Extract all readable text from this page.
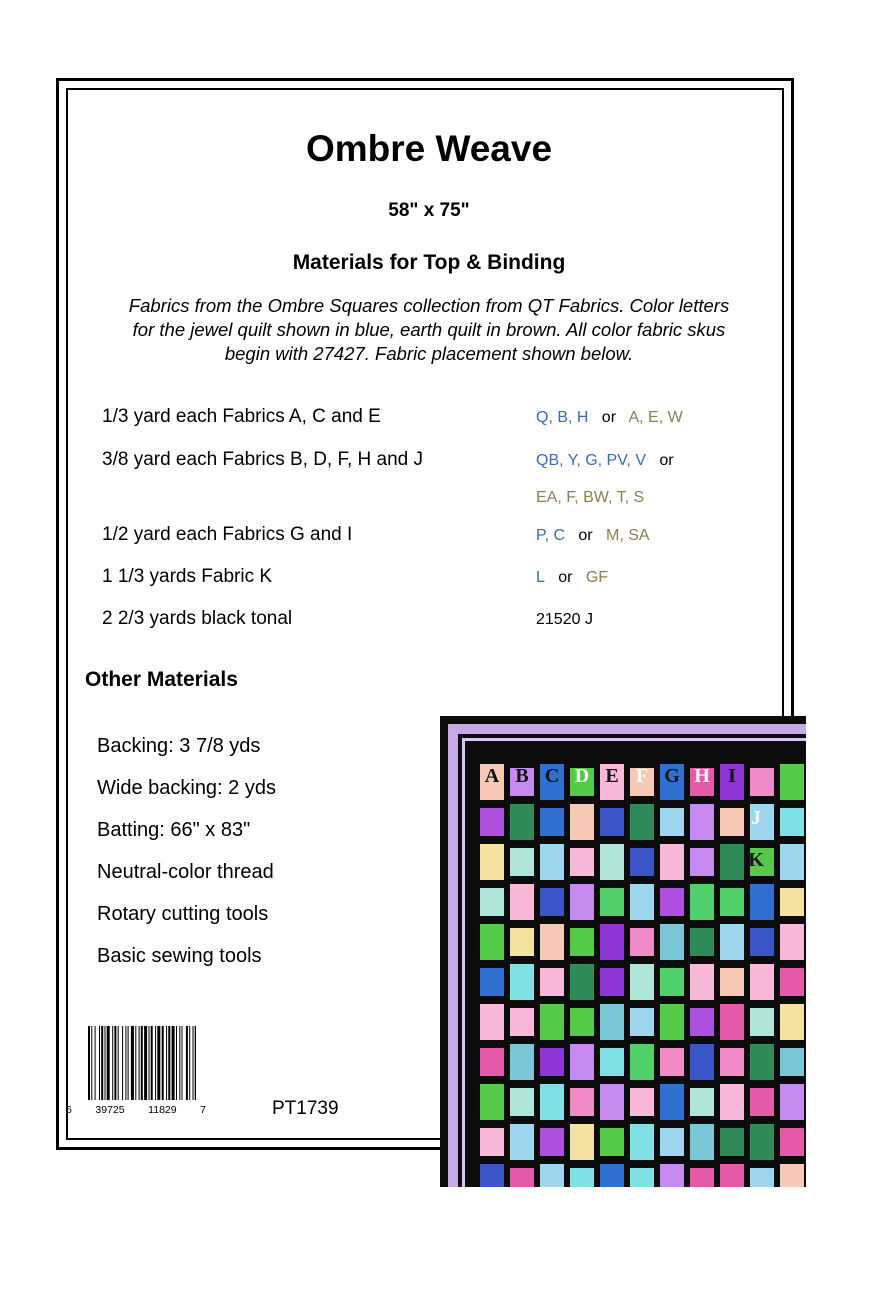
Ombre Weave
58" x 75"
Materials for Top & Binding
Fabrics from the Ombre Squares collection from QT Fabrics. Color letters
for the jewel quilt shown in blue, earth quilt in brown. All color fabric skus
begin with 27427. Fabric placement shown below.
1/3 yard each Fabrics A, C and E	Q, B, H or A, E, W
3/8 yard each Fabrics B, D, F, H and J	QB, Y, G, PV, V or
EA, F, BW, T, S
1/2 yard each Fabrics G and I	P, C or M, SA
1 1/3 yards Fabric K	L or GF
2 2/3 yards black tonal	21520 J
Other Materials
Backing: 3 7/8 yds
Wide backing: 2 yds
Batting: 66" x 83"
Neutral-color thread
Rotary cutting tools
Basic sewing tools
6 39725 11829 7	PT1739
A B C D E F G H I
J
K
